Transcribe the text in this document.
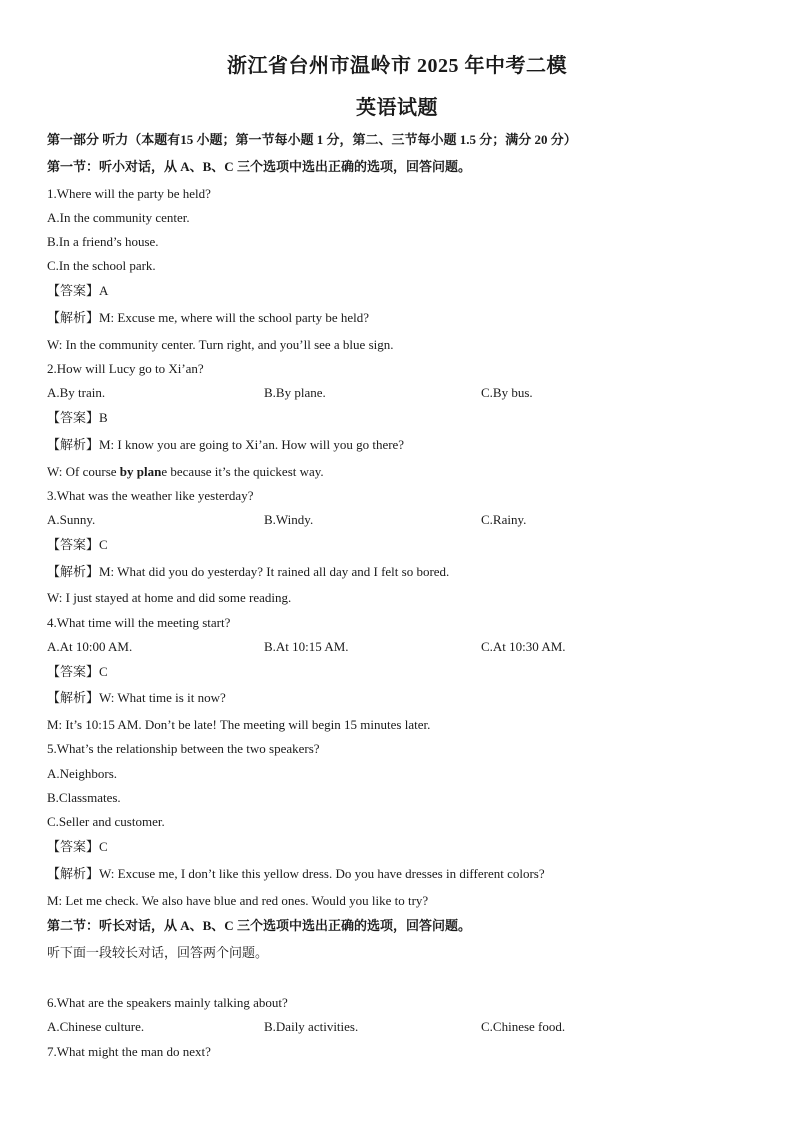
浙江省台州市温岭市 2025 年中考二模
英语试题
第一部分 听力（本题有15 小题；第一节每小题 1 分，第二、三节每小题 1.5 分；满分 20 分）
第一节：听小对话，从 A、B、C 三个选项中选出正确的选项，回答问题。
1.Where will the party be held?
A.In the community center.
B.In a friend’s house.
C.In the school park.
【答案】A
【解析】M: Excuse me, where will the school party be held?
W: In the community center. Turn right, and you’ll see a blue sign.
2.How will Lucy go to Xi’an?
A.By train.	B.By plane.	C.By bus.
【答案】B
【解析】M: I know you are going to Xi’an. How will you go there?
W: Of course by plane because it’s the quickest way.
3.What was the weather like yesterday?
A.Sunny.	B.Windy.	C.Rainy.
【答案】C
【解析】M: What did you do yesterday? It rained all day and I felt so bored.
W: I just stayed at home and did some reading.
4.What time will the meeting start?
A.At 10:00 AM.	B.At 10:15 AM.	C.At 10:30 AM.
【答案】C
【解析】W: What time is it now?
M: It’s 10:15 AM. Don’t be late! The meeting will begin 15 minutes later.
5.What’s the relationship between the two speakers?
A.Neighbors.
B.Classmates.
C.Seller and customer.
【答案】C
【解析】W: Excuse me, I don’t like this yellow dress. Do you have dresses in different colors?
M: Let me check. We also have blue and red ones. Would you like to try?
第二节：听长对话，从 A、B、C 三个选项中选出正确的选项，回答问题。
听下面一段较长对话，回答两个问题。
6.What are the speakers mainly talking about?
A.Chinese culture.	B.Daily activities.	C.Chinese food.
7.What might the man do next?
